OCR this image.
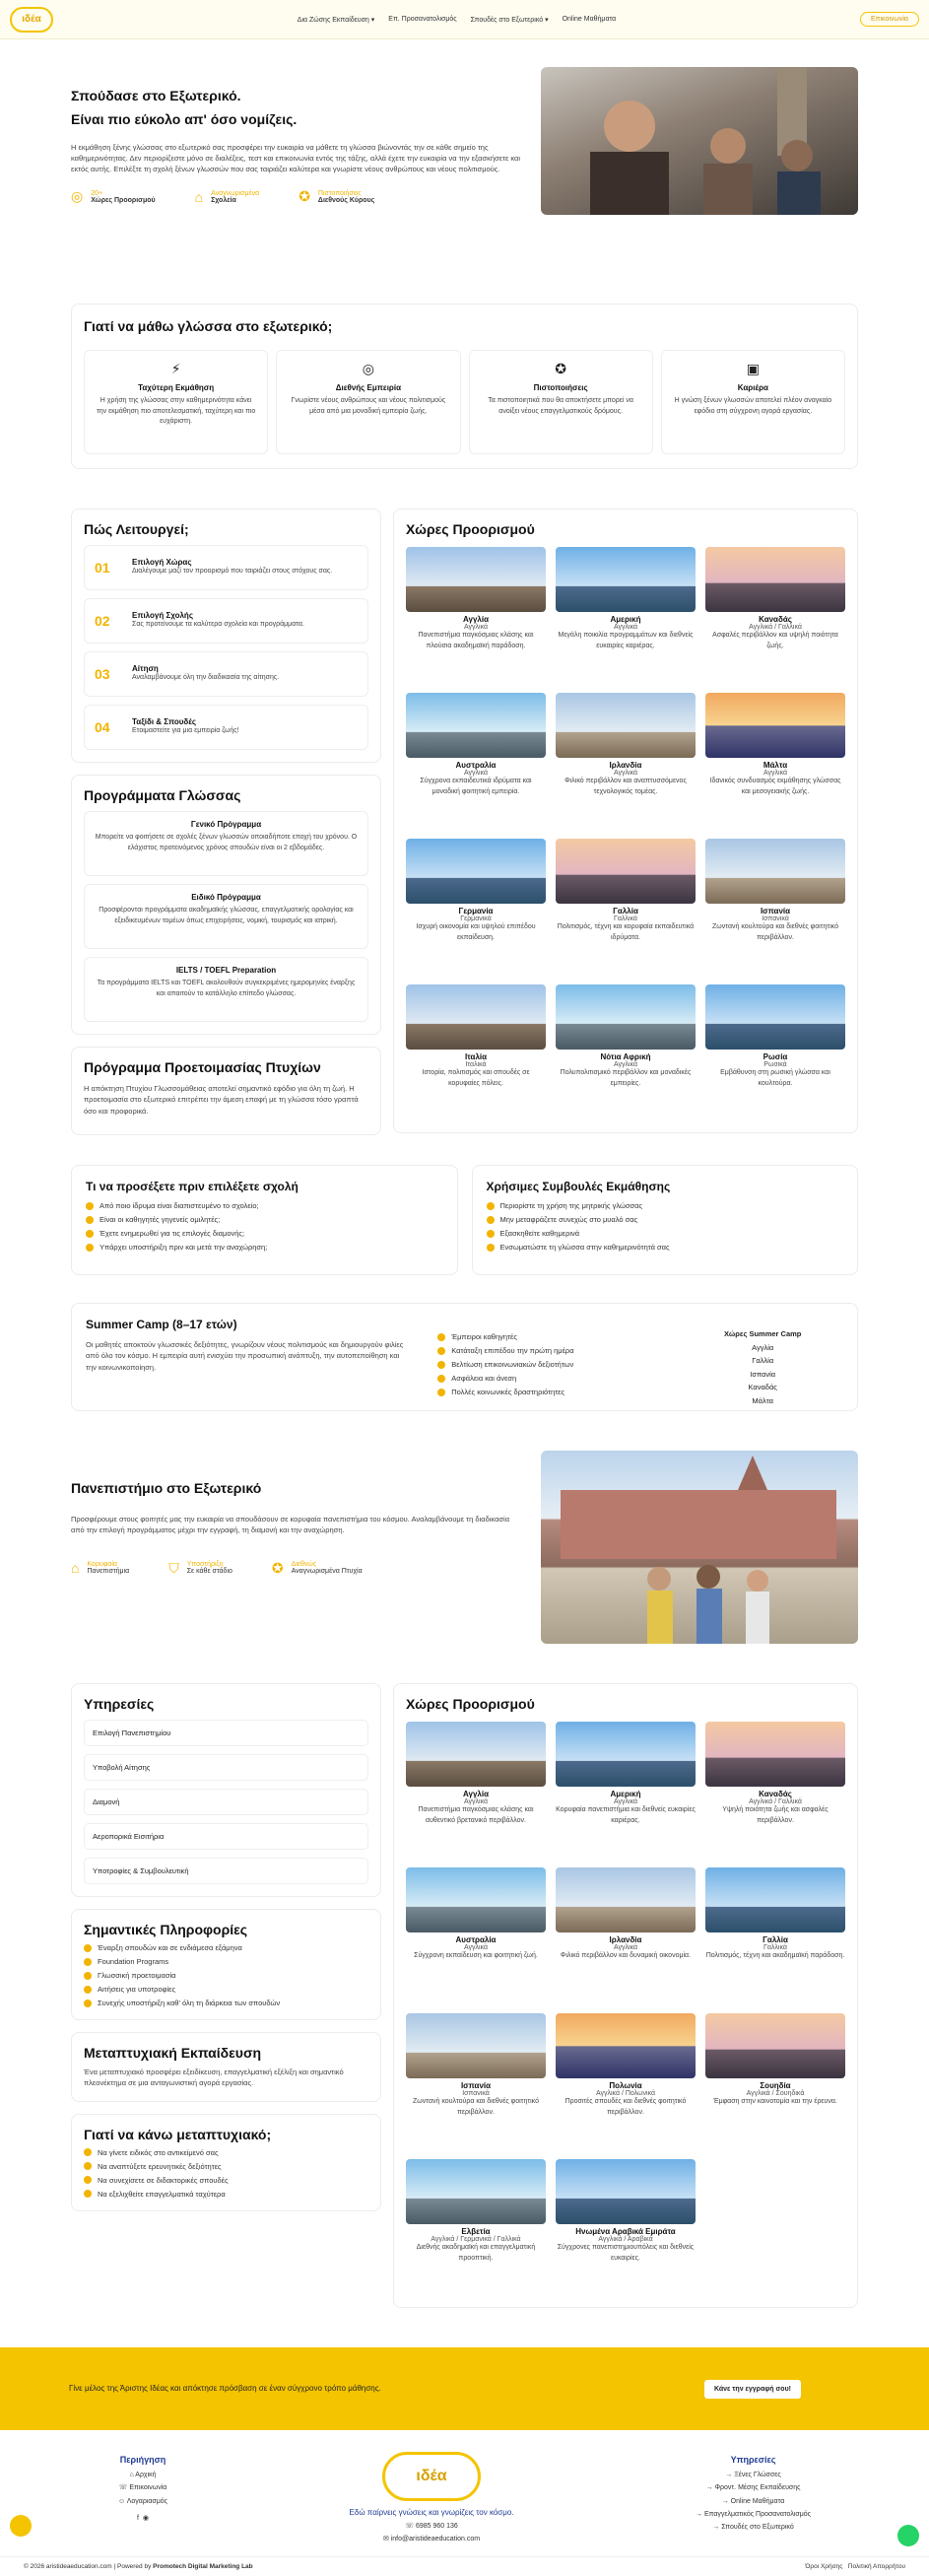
ιδέα	Δια Ζώσης Εκπαίδευση ▾ Επ. Προσανατολισμός Σπουδές στο Εξωτερικό ▾ Online Μαθήματα	Επικοινωνία
Σπούδασε στο Εξωτερικό.
Είναι πιο εύκολο απ' όσο νομίζεις.

Η εκμάθηση ξένης γλώσσας στο εξωτερικό σας προσφέρει την ευκαιρία να μάθετε τη γλώσσα βιώνοντάς την σε κάθε σημείο της καθημερινότητας. Δεν περιορίζεστε μόνο σε διαλέξεις, τεστ και επικοινωνία εντός της τάξης, αλλά έχετε την ευκαιρία να την εξασκήσετε και εκτός αυτής. Επιλέξτε τη σχολή ξένων γλωσσών που σας ταιριάζει καλύτερα και γνωρίστε νέους ανθρώπους και νέους πολιτισμούς.

◎ 20+
Χώρες Προορισμού	⌂ Αναγνωρισμένα
Σχολεία	✪ Πιστοποιήσεις
Διεθνούς Κύρους
Γιατί να μάθω γλώσσα στο εξωτερικό;
⚡
Ταχύτερη Εκμάθηση

Η χρήση της γλώσσας στην καθημερινότητα κάνει την εκμάθηση πιο αποτελεσματική, ταχύτερη και πιο ευχάριστη.

◎
Διεθνής Εμπειρία

Γνωρίστε νέους ανθρώπους και νέους πολιτισμούς μέσα από μια μοναδική εμπειρία ζωής.

✪
Πιστοποιήσεις

Τα πιστοποιητικά που θα αποκτήσετε μπορεί να ανοίξει νέους επαγγελματικούς δρόμους.

▣
Καριέρα

Η γνώση ξένων γλωσσών αποτελεί πλέον αναγκαίο εφόδιο στη σύγχρονη αγορά εργασίας.

Πώς Λειτουργεί;
01	Επιλογή Χώρας

Διαλέγουμε μαζί τον προορισμό που ταιριάζει στους στόχους σας.

02	Επιλογή Σχολής

Σας προτείνουμε τα καλύτερα σχολεία και προγράμματα.

03	Αίτηση

Αναλαμβάνουμε όλη την διαδικασία της αίτησης.

04	Ταξίδι & Σπουδές

Ετοιμαστείτε για μια εμπειρία ζωής!

Προγράμματα Γλώσσας
Γενικό Πρόγραμμα

Μπορείτε να φοιτήσετε σε σχολές ξένων γλωσσών οποιαδήποτε εποχή του χρόνου. Ο ελάχιστος προτεινόμενος χρόνος σπουδών είναι οι 2 εβδομάδες.

Ειδικό Πρόγραμμα

Προσφέρονται προγράμματα ακαδημαϊκής γλώσσας, επαγγελματικής ορολογίας και εξειδικευμένων τομέων όπως επιχειρήσεις, νομική, τουρισμός και ιατρική.

IELTS / TOEFL Preparation

Τα προγράμματα IELTS και TOEFL ακολουθούν συγκεκριμένες ημερομηνίες έναρξης και απαιτούν το κατάλληλο επίπεδο γλώσσας.

Πρόγραμμα Προετοιμασίας Πτυχίων

Η απόκτηση Πτυχίου Γλωσσομάθειας αποτελεί σημαντικό εφόδιο για όλη τη ζωή. Η προετοιμασία στο εξωτερικό επιτρέπει την άμεση επαφή με τη γλώσσα τόσο γραπτά όσο και προφορικά.

Χώρες Προορισμού
Αγγλία
Αγγλικά

Πανεπιστήμια παγκόσμιας κλάσης και πλούσια ακαδημαϊκή παράδοση.

Αμερική
Αγγλικά

Μεγάλη ποικιλία προγραμμάτων και διεθνείς ευκαιρίες καριέρας.

Καναδάς
Αγγλικά / Γαλλικά

Ασφαλές περιβάλλον και υψηλή ποιότητα ζωής.

Αυστραλία
Αγγλικά

Σύγχρονα εκπαιδευτικά ιδρύματα και μοναδική φοιτητική εμπειρία.

Ιρλανδία
Αγγλικά

Φιλικό περιβάλλον και αναπτυσσόμενος τεχνολογικός τομέας.

Μάλτα
Αγγλικά

Ιδανικός συνδυασμός εκμάθησης γλώσσας και μεσογειακής ζωής.

Γερμανία
Γερμανικά

Ισχυρή οικονομία και υψηλού επιπέδου εκπαίδευση.

Γαλλία
Γαλλικά

Πολιτισμός, τέχνη και κορυφαία εκπαιδευτικά ιδρύματα.

Ισπανία
Ισπανικά

Ζωντανή κουλτούρα και διεθνές φοιτητικό περιβάλλον.

Ιταλία
Ιταλικά

Ιστορία, πολιτισμός και σπουδές σε κορυφαίες πόλεις.

Νότια Αφρική
Αγγλικά

Πολυπολιτισμικό περιβάλλον και μοναδικές εμπειρίες.

Ρωσία
Ρωσικά

Εμβάθυνση στη ρωσική γλώσσα και κουλτούρα.

Τι να προσέξετε πριν επιλέξετε σχολή
Από ποιο ίδρυμα είναι διαπιστευμένο το σχολείο;
Είναι οι καθηγητές γηγενείς ομιλητές;
Έχετε ενημερωθεί για τις επιλογές διαμονής;
Υπάρχει υποστήριξη πριν και μετά την αναχώρηση;
Χρήσιμες Συμβουλές Εκμάθησης
Περιορίστε τη χρήση της μητρικής γλώσσας
Μην μεταφράζετε συνεχώς στο μυαλό σας
Εξασκηθείτε καθημερινά
Ενσωματώστε τη γλώσσα στην καθημερινότητά σας
Summer Camp (8–17 ετών)

Οι μαθητές αποκτούν γλωσσικές δεξιότητες, γνωρίζουν νέους πολιτισμούς και δημιουργούν φιλίες από όλο τον κόσμο. Η εμπειρία αυτή ενισχύει την προσωπική ανάπτυξη, την αυτοπεποίθηση και την κοινωνικοποίηση.

Έμπειροι καθηγητές
Κατάταξη επιπέδου την πρώτη ημέρα
Βελτίωση επικοινωνιακών δεξιοτήτων
Ασφάλεια και άνεση
Πολλές κοινωνικές δραστηριότητες
Χώρες Summer Camp
Αγγλία
Γαλλία
Ισπανία
Καναδάς
Μάλτα
Πανεπιστήμιο στο Εξωτερικό

Προσφέρουμε στους φοιτητές μας την ευκαιρία να σπουδάσουν σε κορυφαία πανεπιστήμια του κόσμου. Αναλαμβάνουμε τη διαδικασία από την επιλογή προγράμματος μέχρι την εγγραφή, τη διαμονή και την αναχώρηση.

⌂ Κορυφαία
Πανεπιστήμια	⛉ Υποστήριξη
Σε κάθε στάδιο	✪ Διεθνώς
Αναγνωρισμένα Πτυχία
Υπηρεσίες
Επιλογή Πανεπιστημίου
Υποβολή Αίτησης
Διαμονή
Αεροπορικά Εισιτήρια
Υποτροφίες & Συμβουλευτική
Σημαντικές Πληροφορίες
Έναρξη σπουδών και σε ενδιάμεσα εξάμηνα
Foundation Programs
Γλωσσική προετοιμασία
Αιτήσεις για υποτροφίες
Συνεχής υποστήριξη καθ' όλη τη διάρκεια των σπουδών
Μεταπτυχιακή Εκπαίδευση

Ένα μεταπτυχιακό προσφέρει εξειδίκευση, επαγγελματική εξέλιξη και σημαντικό πλεονέκτημα σε μια ανταγωνιστική αγορά εργασίας.

Γιατί να κάνω μεταπτυχιακό;
Να γίνετε ειδικός στο αντικείμενό σας
Να αναπτύξετε ερευνητικές δεξιότητες
Να συνεχίσετε σε διδακτορικές σπουδές
Να εξελιχθείτε επαγγελματικά ταχύτερα
Χώρες Προορισμού
Αγγλία
Αγγλικά

Πανεπιστήμια παγκόσμιας κλάσης και αυθεντικό βρετανικό περιβάλλον.

Αμερική
Αγγλικά

Κορυφαία πανεπιστήμια και διεθνείς ευκαιρίες καριέρας.

Καναδάς
Αγγλικά / Γαλλικά

Υψηλή ποιότητα ζωής και ασφαλές περιβάλλον.

Αυστραλία
Αγγλικά

Σύγχρονη εκπαίδευση και φοιτητική ζωή.

Ιρλανδία
Αγγλικά

Φιλικό περιβάλλον και δυναμική οικονομία.

Γαλλία
Γαλλικά

Πολιτισμός, τέχνη και ακαδημαϊκή παράδοση.

Ισπανία
Ισπανικά

Ζωντανή κουλτούρα και διεθνές φοιτητικό περιβάλλον.

Πολωνία
Αγγλικά / Πολωνικά

Προσιτές σπουδές και διεθνές φοιτητικό περιβάλλον.

Σουηδία
Αγγλικά / Σουηδικά

Έμφαση στην καινοτομία και την έρευνα.

Ελβετία
Αγγλικά / Γερμανικά / Γαλλικά

Διεθνής ακαδημαϊκή και επαγγελματική προοπτική.

Ηνωμένα Αραβικά Εμιράτα
Αγγλικά / Αραβικά

Σύγχρονες πανεπιστημιουπόλεις και διεθνείς ευκαιρίες.

Γίνε μέλος της Άριστης Ιδέας και απόκτησε πρόσβαση σε έναν σύγχρονο τρόπο μάθησης.	Κάνε την εγγραφή σου!
Περιήγηση
⌂ Αρχική
☏ Επικοινωνία
☺ Λογαριασμός
f ◉
ιδέα
Εδώ παίρνεις γνώσεις και γνωρίζεις τον κόσμο.
☏ 6985 960 136
✉ info@aristideaeducation.com
Υπηρεσίες
→ Ξένες Γλώσσες
→ Φροντ. Μέσης Εκπαίδευσης
→ Online Μαθήματα
→ Επαγγελματικός Προσανατολισμός
→ Σπουδές στο Εξωτερικό
© 2026 aristideaeducation.com | Powered by Promotech Digital Marketing Lab	Όροι Χρήσης Πολιτική Απορρήτου
